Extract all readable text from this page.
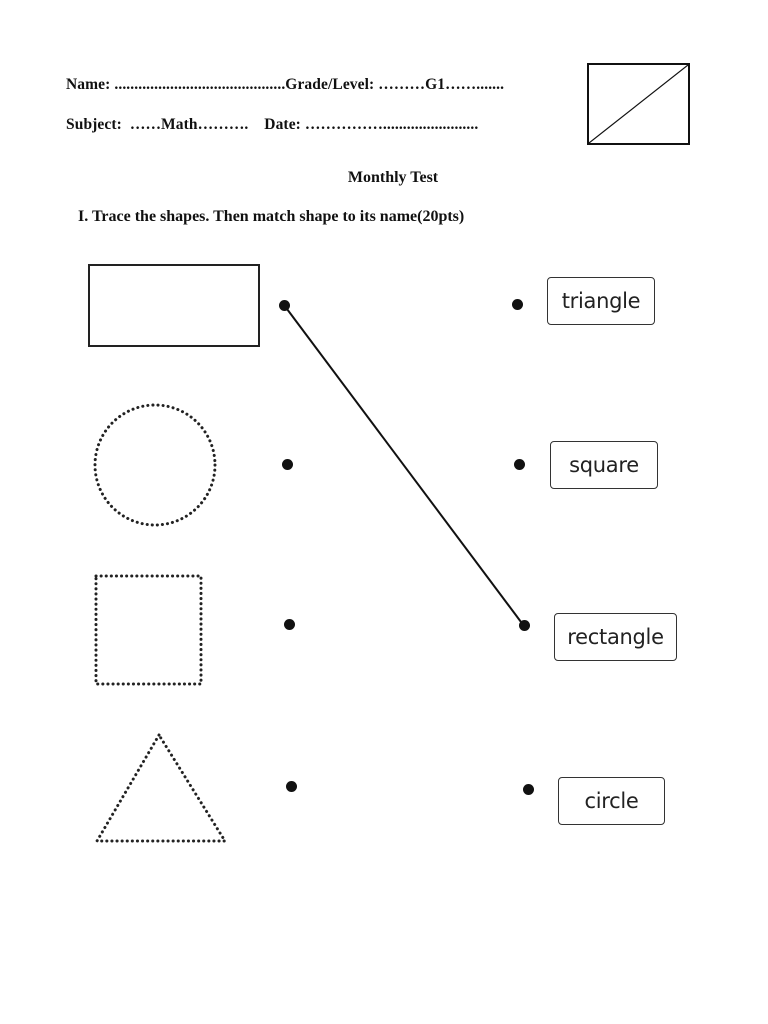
Name: ...........................................Grade/Level: ………G1…….......
Subject:  ……Math……….    Date: ……………........................
Monthly Test
I. Trace the shapes. Then match shape to its name(20pts)
triangle
square
rectangle
circle
